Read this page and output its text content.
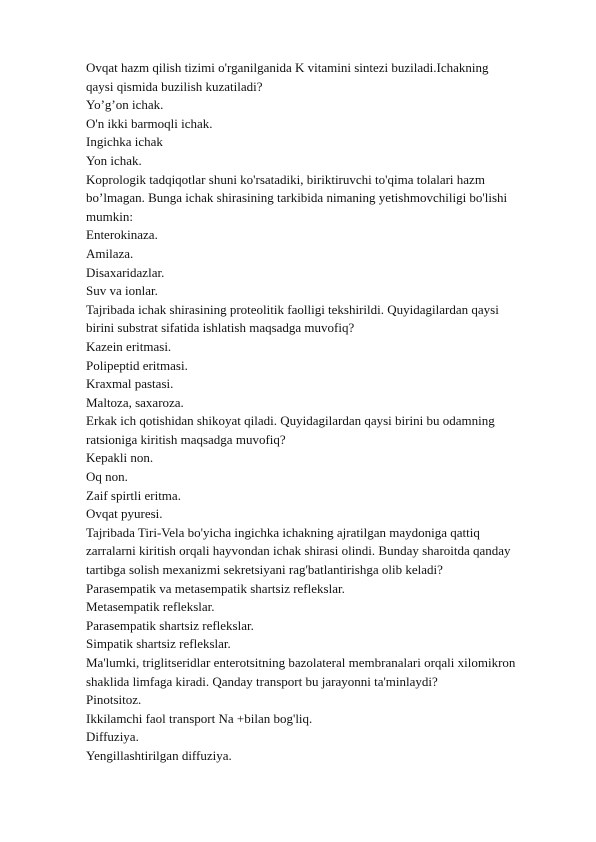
Ovqat hazm qilish tizimi o'rganilganida K vitamini sintezi buziladi.Ichakning
qaysi qismida buzilish kuzatiladi?
Yo’g’on ichak.
O'n ikki barmoqli ichak.
Ingichka ichak
Yon ichak.
Koprologik tadqiqotlar shuni ko'rsatadiki, biriktiruvchi to'qima tolalari hazm
bo’lmagan. Bunga ichak shirasining tarkibida nimaning yetishmovchiligi bo'lishi
mumkin:
Enterokinaza.
Amilaza.
Disaxaridazlar.
Suv va ionlar.
Tajribada ichak shirasining proteolitik faolligi tekshirildi. Quyidagilardan qaysi
birini substrat sifatida ishlatish maqsadga muvofiq?
Kazein eritmasi.
Polipeptid eritmasi.
Kraxmal pastasi.
Maltoza, saxaroza.
Erkak ich qotishidan shikoyat qiladi. Quyidagilardan qaysi birini bu odamning
ratsioniga kiritish maqsadga muvofiq?
Kepakli non.
Oq non.
Zaif spirtli eritma.
Ovqat pyuresi.
Tajribada Tiri-Vela bo'yicha ingichka ichakning ajratilgan maydoniga qattiq
zarralarni kiritish orqali hayvondan ichak shirasi olindi. Bunday sharoitda qanday
tartibga solish mexanizmi sekretsiyani rag'batlantirishga olib keladi?
Parasempatik va metasempatik shartsiz reflekslar.
Metasempatik reflekslar.
Parasempatik shartsiz reflekslar.
Simpatik shartsiz reflekslar.
Ma'lumki, triglitseridlar enterotsitning bazolateral membranalari orqali xilomikron
shaklida limfaga kiradi. Qanday transport bu jarayonni ta'minlaydi?
Pinotsitoz.
Ikkilamchi faol transport Na +bilan bog'liq.
Diffuziya.
Yengillashtirilgan diffuziya.
